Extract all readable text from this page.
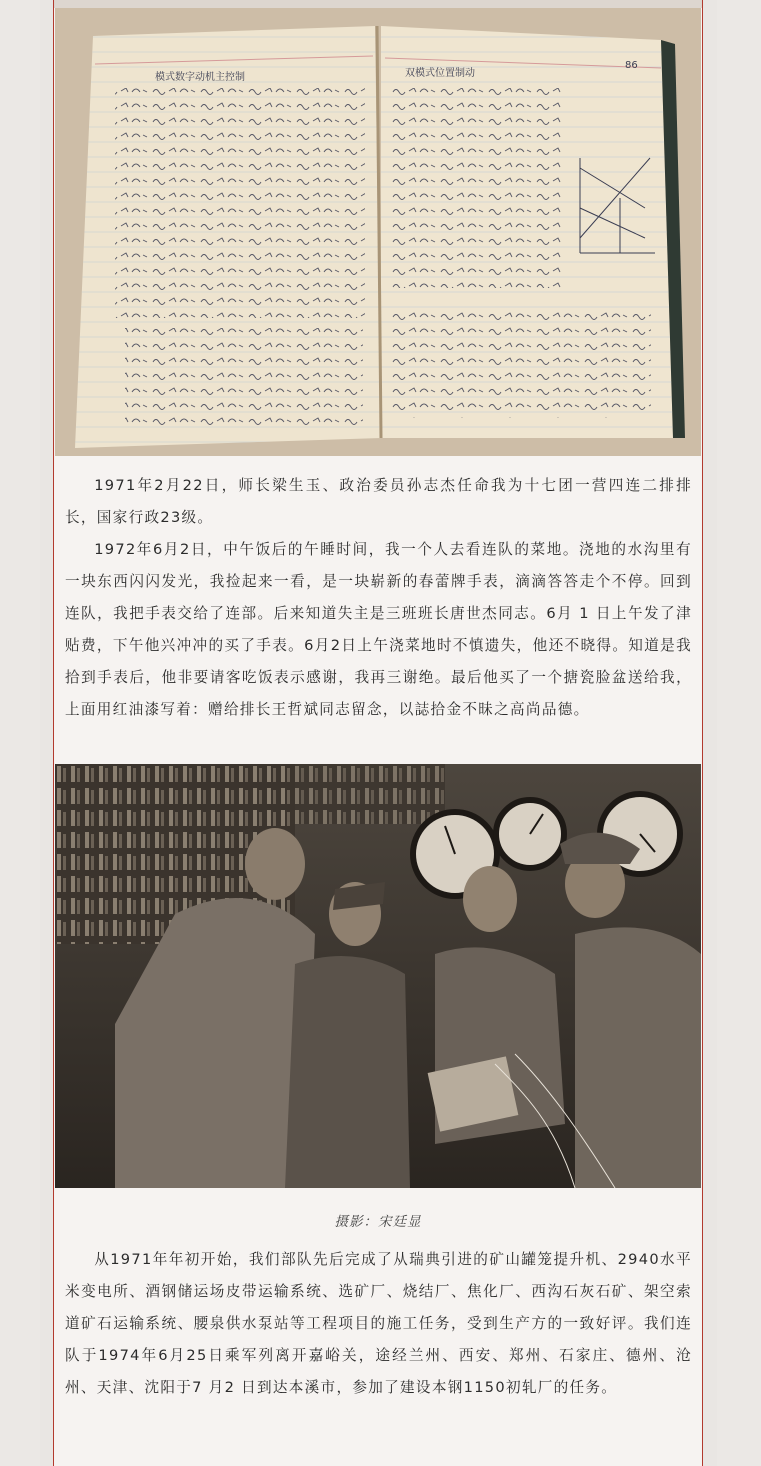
86
模式数字动机主控制	双模式位置制动

1971年2月22日，师长梁生玉、政治委员孙志杰任命我为十七团一营四连二排排长，国家行政23级。

1972年6月2日，中午饭后的午睡时间，我一个人去看连队的菜地。浇地的水沟里有一块东西闪闪发光，我捡起来一看，是一块崭新的春蕾牌手表，滴滴答答走个不停。回到连队，我把手表交给了连部。后来知道失主是三班班长唐世杰同志。6月 1 日上午发了津贴费，下午他兴冲冲的买了手表。6月2日上午浇菜地时不慎遗失，他还不晓得。知道是我拾到手表后，他非要请客吃饭表示感谢，我再三谢绝。最后他买了一个搪瓷脸盆送给我，上面用红油漆写着：赠给排长王哲斌同志留念，以誌拾金不昧之高尚品德。

摄影：宋廷显

从1971年年初开始，我们部队先后完成了从瑞典引进的矿山罐笼提升机、2940水平米变电所、酒钢储运场皮带运输系统、选矿厂、烧结厂、焦化厂、西沟石灰石矿、架空索道矿石运输系统、腰泉供水泵站等工程项目的施工任务，受到生产方的一致好评。我们连队于1974年6月25日乘军列离开嘉峪关，途经兰州、西安、郑州、石家庄、德州、沧州、天津、沈阳于7 月2 日到达本溪市，参加了建设本钢1150初轧厂的任务。
